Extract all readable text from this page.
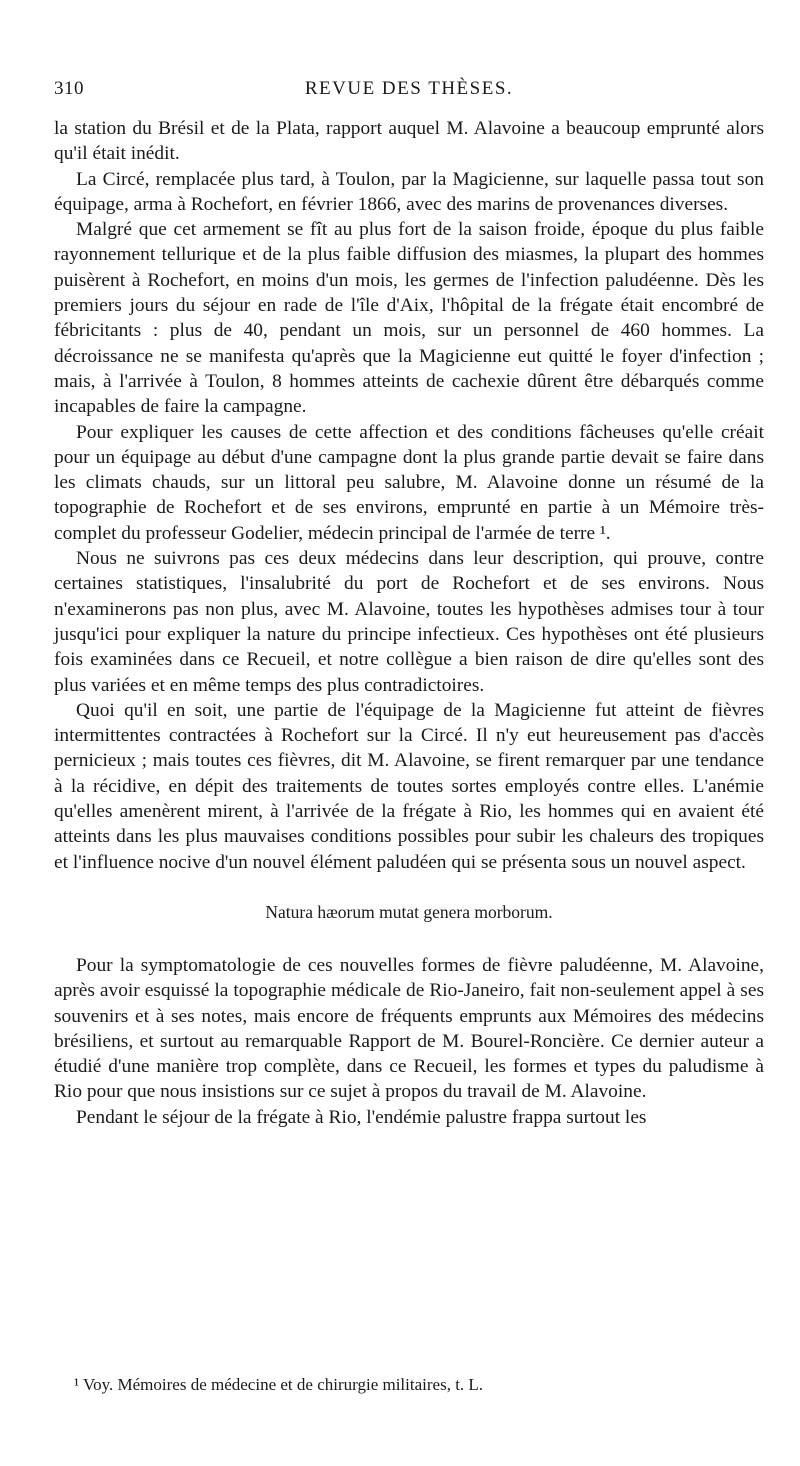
310	REVUE DES THÈSES.

la station du Brésil et de la Plata, rapport auquel M. Alavoine a beaucoup emprunté alors qu'il était inédit.

La Circé, remplacée plus tard, à Toulon, par la Magicienne, sur laquelle passa tout son équipage, arma à Rochefort, en février 1866, avec des marins de provenances diverses.

Malgré que cet armement se fît au plus fort de la saison froide, époque du plus faible rayonnement tellurique et de la plus faible diffusion des miasmes, la plupart des hommes puisèrent à Rochefort, en moins d'un mois, les germes de l'infection paludéenne. Dès les premiers jours du séjour en rade de l'île d'Aix, l'hôpital de la frégate était encombré de fébricitants : plus de 40, pendant un mois, sur un personnel de 460 hommes. La décroissance ne se manifesta qu'après que la Magicienne eut quitté le foyer d'infection ; mais, à l'arrivée à Toulon, 8 hommes atteints de cachexie dûrent être débarqués comme incapables de faire la campagne.

Pour expliquer les causes de cette affection et des conditions fâcheuses qu'elle créait pour un équipage au début d'une campagne dont la plus grande partie devait se faire dans les climats chauds, sur un littoral peu salubre, M. Alavoine donne un résumé de la topographie de Rochefort et de ses environs, emprunté en partie à un Mémoire très-complet du professeur Godelier, médecin principal de l'armée de terre ¹.

Nous ne suivrons pas ces deux médecins dans leur description, qui prouve, contre certaines statistiques, l'insalubrité du port de Rochefort et de ses environs. Nous n'examinerons pas non plus, avec M. Alavoine, toutes les hypothèses admises tour à tour jusqu'ici pour expliquer la nature du principe infectieux. Ces hypothèses ont été plusieurs fois examinées dans ce Recueil, et notre collègue a bien raison de dire qu'elles sont des plus variées et en même temps des plus contradictoires.

Quoi qu'il en soit, une partie de l'équipage de la Magicienne fut atteint de fièvres intermittentes contractées à Rochefort sur la Circé. Il n'y eut heureusement pas d'accès pernicieux ; mais toutes ces fièvres, dit M. Alavoine, se firent remarquer par une tendance à la récidive, en dépit des traitements de toutes sortes employés contre elles. L'anémie qu'elles amenèrent mirent, à l'arrivée de la frégate à Rio, les hommes qui en avaient été atteints dans les plus mauvaises conditions possibles pour subir les chaleurs des tropiques et l'influence nocive d'un nouvel élément paludéen qui se présenta sous un nouvel aspect.

Natura hæorum mutat genera morborum.

Pour la symptomatologie de ces nouvelles formes de fièvre paludéenne, M. Alavoine, après avoir esquissé la topographie médicale de Rio-Janeiro, fait non-seulement appel à ses souvenirs et à ses notes, mais encore de fréquents emprunts aux Mémoires des médecins brésiliens, et surtout au remarquable Rapport de M. Bourel-Roncière. Ce dernier auteur a étudié d'une manière trop complète, dans ce Recueil, les formes et types du paludisme à Rio pour que nous insistions sur ce sujet à propos du travail de M. Alavoine.

Pendant le séjour de la frégate à Rio, l'endémie palustre frappa surtout les

¹ Voy. Mémoires de médecine et de chirurgie militaires, t. L.
